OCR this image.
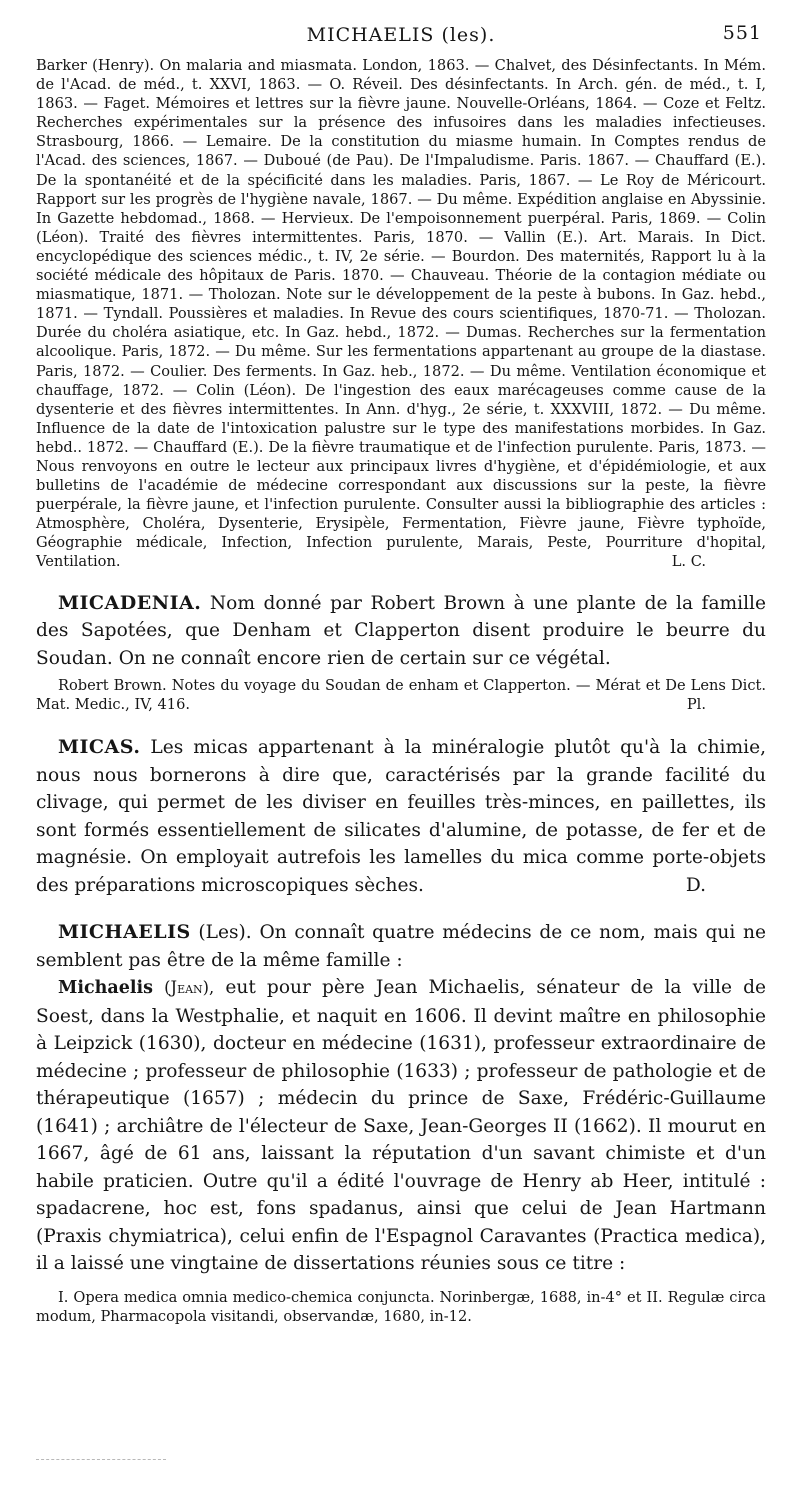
MICHAELIS (les).	551

Barker (Henry). On malaria and miasmata. London, 1863. — Chalvet, des Désinfectants. In Mém. de l'Acad. de méd., t. XXVI, 1863. — O. Réveil. Des désinfectants. In Arch. gén. de méd., t. I, 1863. — Faget. Mémoires et lettres sur la fièvre jaune. Nouvelle-Orléans, 1864. — Coze et Feltz. Recherches expérimentales sur la présence des infusoires dans les maladies infectieuses. Strasbourg, 1866. — Lemaire. De la constitution du miasme humain. In Comptes rendus de l'Acad. des sciences, 1867. — Duboué (de Pau). De l'Impaludisme. Paris. 1867. — Chauffard (E.). De la spontanéité et de la spécificité dans les maladies. Paris, 1867. — Le Roy de Méricourt. Rapport sur les progrès de l'hygiène navale, 1867. — Du même. Expédition anglaise en Abyssinie. In Gazette hebdomad., 1868. — Hervieux. De l'empoisonnement puerpéral. Paris, 1869. — Colin (Léon). Traité des fièvres intermittentes. Paris, 1870. — Vallin (E.). Art. Marais. In Dict. encyclopédique des sciences médic., t. IV, 2e série. — Bourdon. Des maternités, Rapport lu à la société médicale des hôpitaux de Paris. 1870. — Chauveau. Théorie de la contagion médiate ou miasmatique, 1871. — Tholozan. Note sur le développement de la peste à bubons. In Gaz. hebd., 1871. — Tyndall. Poussières et maladies. In Revue des cours scientifiques, 1870-71. — Tholozan. Durée du choléra asiatique, etc. In Gaz. hebd., 1872. — Dumas. Recherches sur la fermentation alcoolique. Paris, 1872. — Du même. Sur les fermentations appartenant au groupe de la diastase. Paris, 1872. — Coulier. Des ferments. In Gaz. heb., 1872. — Du même. Ventilation économique et chauffage, 1872. — Colin (Léon). De l'ingestion des eaux marécageuses comme cause de la dysenterie et des fièvres intermittentes. In Ann. d'hyg., 2e série, t. XXXVIII, 1872. — Du même. Influence de la date de l'intoxication palustre sur le type des manifestations morbides. In Gaz. hebd.. 1872. — Chauffard (E.). De la fièvre traumatique et de l'infection purulente. Paris, 1873. — Nous renvoyons en outre le lecteur aux principaux livres d'hygiène, et d'épidémiologie, et aux bulletins de l'académie de médecine correspondant aux discussions sur la peste, la fièvre puerpérale, la fièvre jaune, et l'infection purulente. Consulter aussi la bibliographie des articles : Atmosphère, Choléra, Dysenterie, Erysipèle, Fermentation, Fièvre jaune, Fièvre typhoïde, Géographie médicale, Infection, Infection purulente, Marais, Peste, Pourriture d'hopital, Ventilation.	L. C.

MICADENIA. Nom donné par Robert Brown à une plante de la famille des Sapotées, que Denham et Clapperton disent produire le beurre du Soudan. On ne connaît encore rien de certain sur ce végétal.

Robert Brown. Notes du voyage du Soudan de enham et Clapperton. — Mérat et De Lens Dict. Mat. Medic., IV, 416.	Pl.

MICAS. Les micas appartenant à la minéralogie plutôt qu'à la chimie, nous nous bornerons à dire que, caractérisés par la grande facilité du clivage, qui permet de les diviser en feuilles très-minces, en paillettes, ils sont formés essentiellement de silicates d'alumine, de potasse, de fer et de magnésie. On employait autrefois les lamelles du mica comme porte-objets des préparations microscopiques sèches.	D.

MICHAELIS (Les). On connaît quatre médecins de ce nom, mais qui ne semblent pas être de la même famille :

Michaelis (Jean), eut pour père Jean Michaelis, sénateur de la ville de Soest, dans la Westphalie, et naquit en 1606. Il devint maître en philosophie à Leipzick (1630), docteur en médecine (1631), professeur extraordinaire de médecine ; professeur de philosophie (1633) ; professeur de pathologie et de thérapeutique (1657) ; médecin du prince de Saxe, Frédéric-Guillaume (1641) ; archiâtre de l'électeur de Saxe, Jean-Georges II (1662). Il mourut en 1667, âgé de 61 ans, laissant la réputation d'un savant chimiste et d'un habile praticien. Outre qu'il a édité l'ouvrage de Henry ab Heer, intitulé : spadacrene, hoc est, fons spadanus, ainsi que celui de Jean Hartmann (Praxis chymiatrica), celui enfin de l'Espagnol Caravantes (Practica medica), il a laissé une vingtaine de dissertations réunies sous ce titre :

I. Opera medica omnia medico-chemica conjuncta. Norinbergæ, 1688, in-4° et II. Regulæ circa modum, Pharmacopola visitandi, observandæ, 1680, in-12.
